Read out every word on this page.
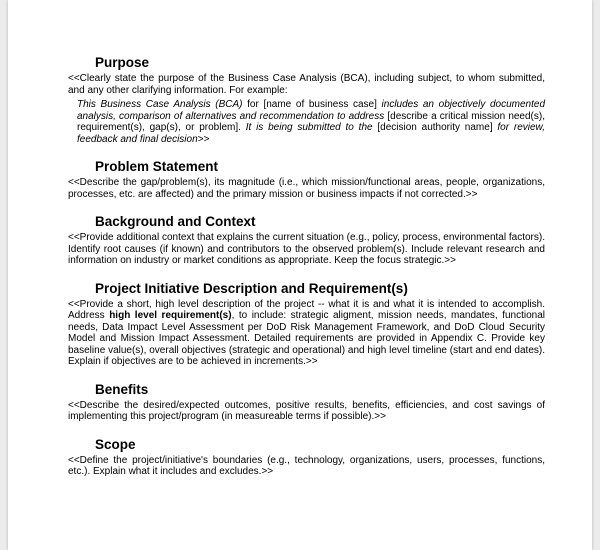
Purpose

<<Clearly state the purpose of the Business Case Analysis (BCA), including subject, to whom submitted, and any other clarifying information. For example:

This Business Case Analysis (BCA) for [name of business case] includes an objectively documented analysis, comparison of alternatives and recommendation to address [describe a critical mission need(s), requirement(s), gap(s), or problem]. It is being submitted to the [decision authority name] for review, feedback and final decision>>

Problem Statement

<<Describe the gap/problem(s), its magnitude (i.e., which mission/functional areas, people, organizations, processes, etc. are affected) and the primary mission or business impacts if not corrected.>>

Background and Context

<<Provide additional context that explains the current situation (e.g., policy, process, environmental factors). Identify root causes (if known) and contributors to the observed problem(s). Include relevant research and information on industry or market conditions as appropriate. Keep the focus strategic.>>

Project Initiative Description and Requirement(s)

<<Provide a short, high level description of the project -- what it is and what it is intended to accomplish. Address high level requirement(s), to include: strategic aligment, mission needs, mandates, functional needs, Data Impact Level Assessment per DoD Risk Management Framework, and DoD Cloud Security Model and Mission Impact Assessment. Detailed requirements are provided in Appendix C. Provide key baseline value(s), overall objectives (strategic and operational) and high level timeline (start and end dates). Explain if objectives are to be achieved in increments.>>

Benefits

<<Describe the desired/expected outcomes, positive results, benefits, efficiencies, and cost savings of implementing this project/program (in measureable terms if possible).>>

Scope

<<Define the project/initiative's boundaries (e.g., technology, organizations, users, processes, functions, etc.). Explain what it includes and excludes.>>
